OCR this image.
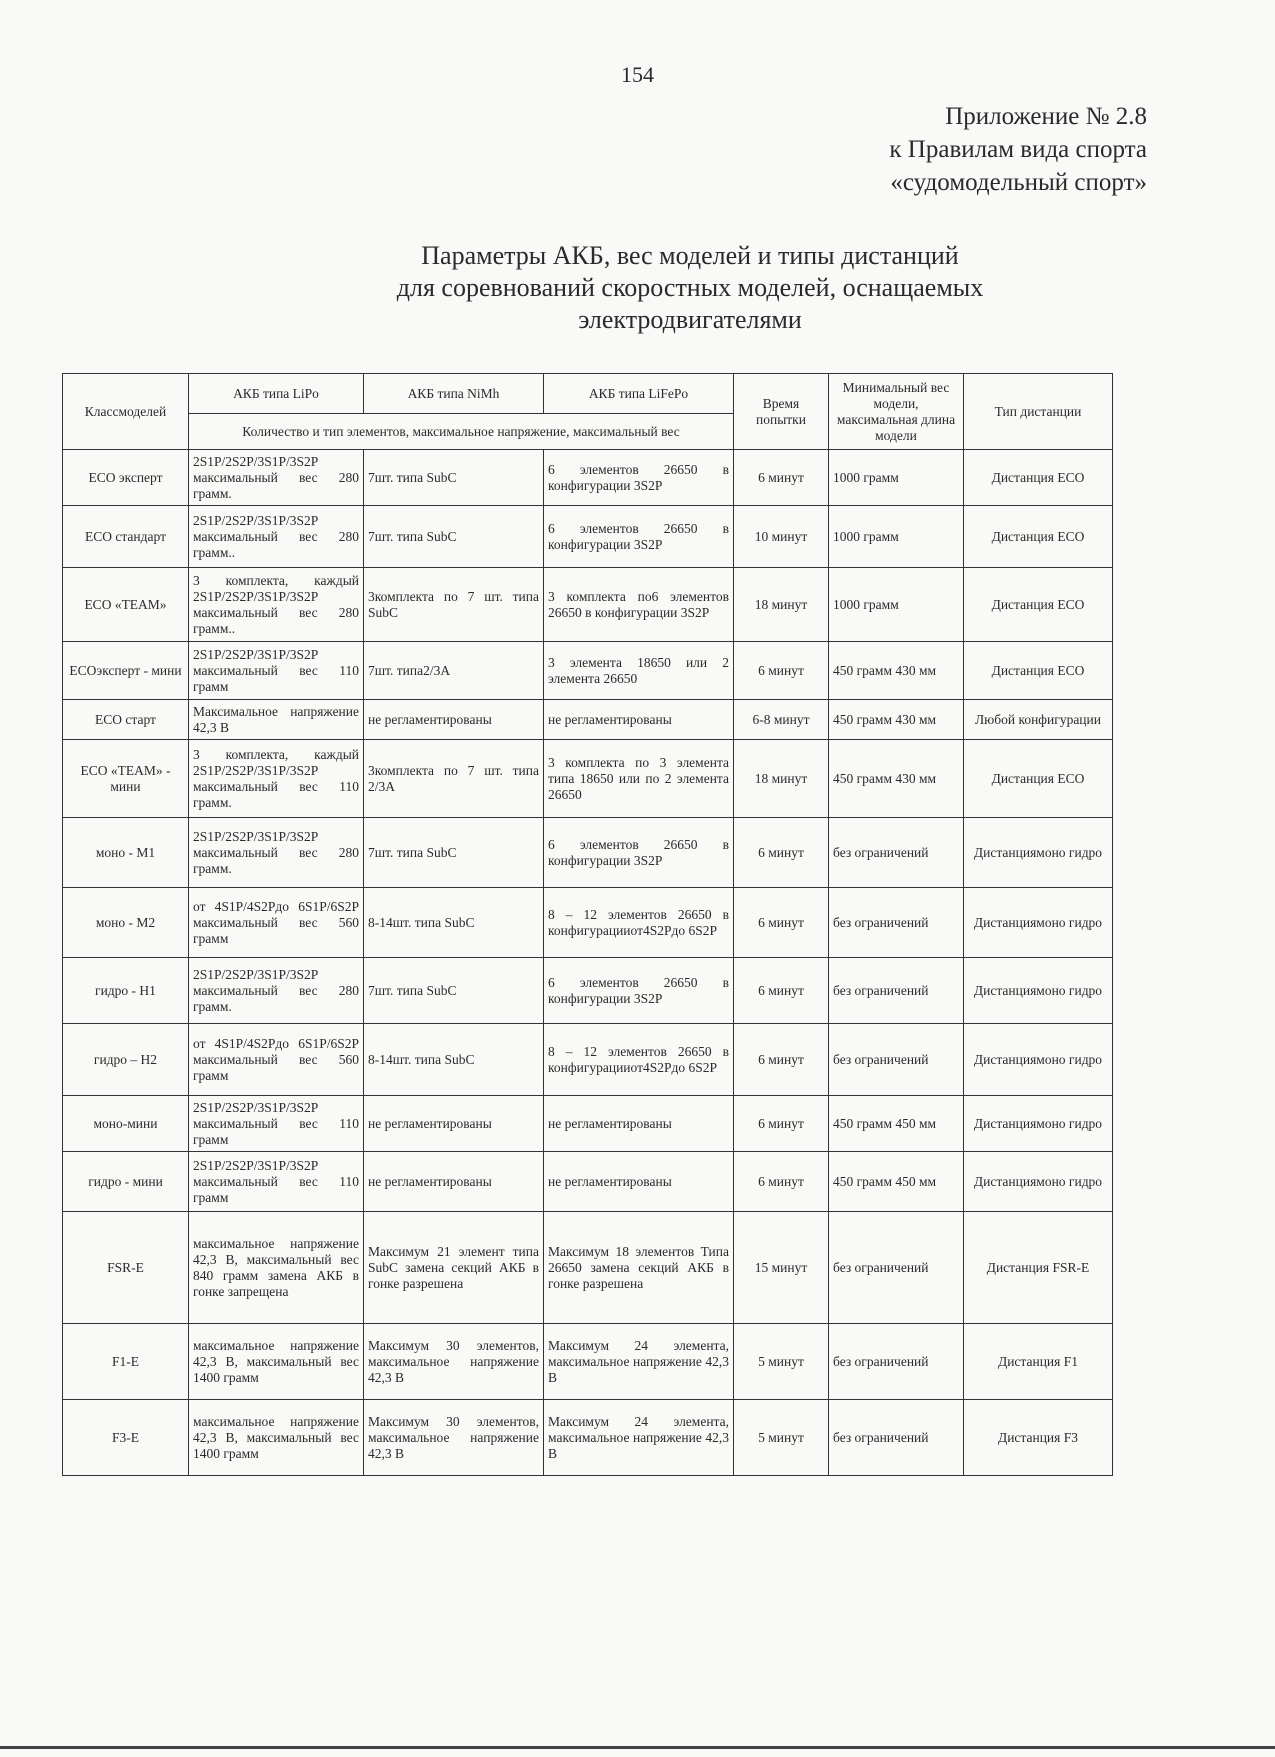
154
Приложение № 2.8
к Правилам вида спорта
«судомодельный спорт»
Параметры АКБ, вес моделей и типы дистанций
для соревнований скоростных моделей, оснащаемых
электродвигателями
Классмоделей	АКБ типа LiPo	АКБ типа NiMh	АКБ типа LiFePo	Время попытки	Минимальный вес модели, максимальная длина модели	Тип дистанции
	Количество и тип элементов, максимальное напряжение, максимальный вес					
ECO эксперт	2S1P/2S2P/3S1P/3S2P максимальный вес 280 грамм.	7шт. типа SubC	6 элементов 26650 в конфигурации 3S2P	6 минут	1000 грамм	Дистанция ECO
ECO стандарт	2S1P/2S2P/3S1P/3S2P максимальный вес 280 грамм..	7шт. типа SubC	6 элементов 26650 в конфигурации 3S2P	10 минут	1000 грамм	Дистанция ECO
ECO «TEAM»	3 комплекта, каждый 2S1P/2S2P/3S1P/3S2P максимальный вес 280 грамм..	3комплекта по 7 шт. типа SubC	3 комплекта по6 элементов 26650 в конфигурации 3S2P	18 минут	1000 грамм	Дистанция ECO
ECOэксперт - мини	2S1P/2S2P/3S1P/3S2P максимальный вес 110 грамм	7шт. типа2/3А	3 элемента 18650 или 2 элемента 26650	6 минут	450 грамм 430 мм	Дистанция ECO
ECO старт	Максимальное напряжение 42,3 В	не регламентированы	не регламентированы	6-8 минут	450 грамм 430 мм	Любой конфигурации
ECO «TEAM» - мини	3 комплекта, каждый 2S1P/2S2P/3S1P/3S2P максимальный вес 110 грамм.	3комплекта по 7 шт. типа 2/3А	3 комплекта по 3 элемента типа 18650 или по 2 элемента 26650	18 минут	450 грамм 430 мм	Дистанция ECO
моно - М1	2S1P/2S2P/3S1P/3S2P максимальный вес 280 грамм.	7шт. типа SubC	6 элементов 26650 в конфигурации 3S2P	6 минут	без ограничений	Дистанциямоно гидро
моно - М2	от 4S1P/4S2Pдо 6S1P/6S2P максимальный вес 560 грамм	8-14шт. типа SubC	8 – 12 элементов 26650 в конфигурацииот4S2Pдо 6S2P	6 минут	без ограничений	Дистанциямоно гидро
гидро - Н1	2S1P/2S2P/3S1P/3S2P максимальный вес 280 грамм.	7шт. типа SubC	6 элементов 26650 в конфигурации 3S2P	6 минут	без ограничений	Дистанциямоно гидро
гидро – Н2	от 4S1P/4S2Pдо 6S1P/6S2P максимальный вес 560 грамм	8-14шт. типа SubC	8 – 12 элементов 26650 в конфигурацииот4S2Pдо 6S2P	6 минут	без ограничений	Дистанциямоно гидро
моно-мини	2S1P/2S2P/3S1P/3S2P максимальный вес 110 грамм	не регламентированы	не регламентированы	6 минут	450 грамм 450 мм	Дистанциямоно гидро
гидро - мини	2S1P/2S2P/3S1P/3S2P максимальный вес 110 грамм	не регламентированы	не регламентированы	6 минут	450 грамм 450 мм	Дистанциямоно гидро
FSR-E	максимальное напряжение 42,3 В, максимальный вес 840 грамм замена АКБ в гонке запрещена	Максимум 21 элемент типа SubC замена секций АКБ в гонке разрешена	Максимум 18 элементов Типа 26650 замена секций АКБ в гонке разрешена	15 минут	без ограничений	Дистанция FSR-E
F1-E	максимальное напряжение 42,3 В, максимальный вес 1400 грамм	Максимум 30 элементов, максимальное напряжение 42,3 В	Максимум 24 элемента, максимальное напряжение 42,3 В	5 минут	без ограничений	Дистанция F1
F3-E	максимальное напряжение 42,3 В, максимальный вес 1400 грамм	Максимум 30 элементов, максимальное напряжение 42,3 В	Максимум 24 элемента, максимальное напряжение 42,3 В	5 минут	без ограничений	Дистанция F3
